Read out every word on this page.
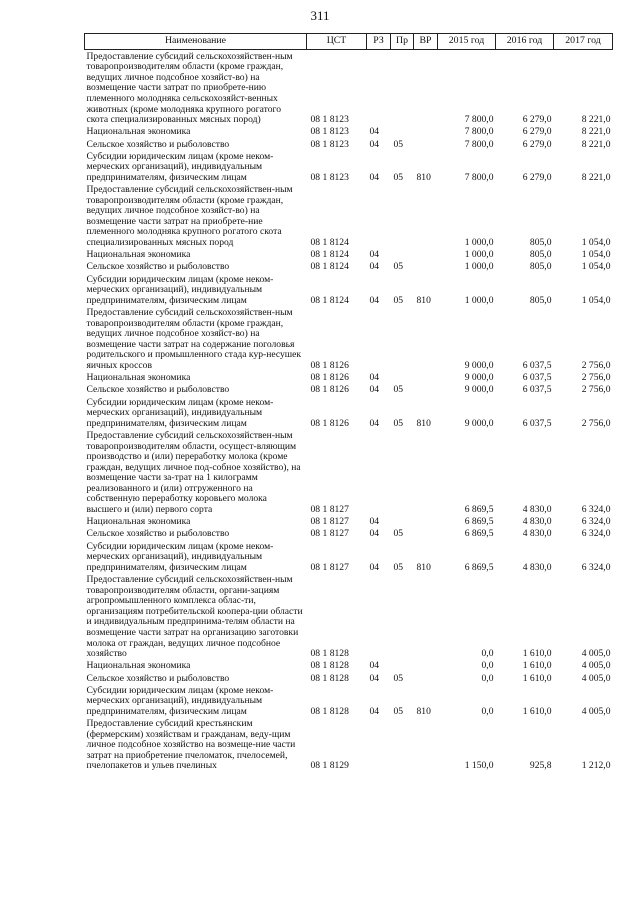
311
Наименование	ЦСТ	РЗ	Пр	ВР	2015 год	2016 год	2017 год
Предоставление субсидий сельскохозяйствен-ным товаропроизводителям области (кроме граждан, ведущих личное подсобное хозяйст-во) на возмещение части затрат по приобрете-нию племенного молодняка сельскохозяйст-венных животных (кроме молодняка крупного рогатого скота специализированных мясных пород)	08 1 8123				7 800,0	6 279,0	8 221,0
Национальная экономика	08 1 8123	04			7 800,0	6 279,0	8 221,0
Сельское хозяйство и рыболовство	08 1 8123	04	05		7 800,0	6 279,0	8 221,0
Субсидии юридическим лицам (кроме неком-мерческих организаций), индивидуальным предпринимателям, физическим лицам	08 1 8123	04	05	810	7 800,0	6 279,0	8 221,0
Предоставление субсидий сельскохозяйствен-ным товаропроизводителям области (кроме граждан, ведущих личное подсобное хозяйст-во) на возмещение части затрат на приобрете-ние племенного молодняка крупного рогатого скота специализированных мясных пород	08 1 8124				1 000,0	805,0	1 054,0
Национальная экономика	08 1 8124	04			1 000,0	805,0	1 054,0
Сельское хозяйство и рыболовство	08 1 8124	04	05		1 000,0	805,0	1 054,0
Субсидии юридическим лицам (кроме неком-мерческих организаций), индивидуальным предпринимателям, физическим лицам	08 1 8124	04	05	810	1 000,0	805,0	1 054,0
Предоставление субсидий сельскохозяйствен-ным товаропроизводителям области (кроме граждан, ведущих личное подсобное хозяйст-во) на возмещение части затрат на содержание поголовья родительского и промышленного стада кур-несушек яичных кроссов	08 1 8126				9 000,0	6 037,5	2 756,0
Национальная экономика	08 1 8126	04			9 000,0	6 037,5	2 756,0
Сельское хозяйство и рыболовство	08 1 8126	04	05		9 000,0	6 037,5	2 756,0
Субсидии юридическим лицам (кроме неком-мерческих организаций), индивидуальным предпринимателям, физическим лицам	08 1 8126	04	05	810	9 000,0	6 037,5	2 756,0
Предоставление субсидий сельскохозяйствен-ным товаропроизводителям области, осущест-вляющим производство и (или) переработку молока (кроме граждан, ведущих личное под-собное хозяйство), на возмещение части за-трат на 1 килограмм реализованного и (или) отгруженного на собственную переработку коровьего молока высшего и (или) первого сорта	08 1 8127				6 869,5	4 830,0	6 324,0
Национальная экономика	08 1 8127	04			6 869,5	4 830,0	6 324,0
Сельское хозяйство и рыболовство	08 1 8127	04	05		6 869,5	4 830,0	6 324,0
Субсидии юридическим лицам (кроме неком-мерческих организаций), индивидуальным предпринимателям, физическим лицам	08 1 8127	04	05	810	6 869,5	4 830,0	6 324,0
Предоставление субсидий сельскохозяйствен-ным товаропроизводителям области, органи-зациям агропромышленного комплекса облас-ти, организациям потребительской коопера-ции области и индивидуальным предпринима-телям области на возмещение части затрат на организацию заготовки молока от граждан, ведущих личное подсобное хозяйство	08 1 8128				0,0	1 610,0	4 005,0
Национальная экономика	08 1 8128	04			0,0	1 610,0	4 005,0
Сельское хозяйство и рыболовство	08 1 8128	04	05		0,0	1 610,0	4 005,0
Субсидии юридическим лицам (кроме неком-мерческих организаций), индивидуальным предпринимателям, физическим лицам	08 1 8128	04	05	810	0,0	1 610,0	4 005,0
Предоставление субсидий крестьянским (фермерским) хозяйствам и гражданам, веду-щим личное подсобное хозяйство на возмеще-ние части затрат на приобретение пчеломаток, пчелосемей, пчелопакетов и ульев пчелиных	08 1 8129				1 150,0	925,8	1 212,0
